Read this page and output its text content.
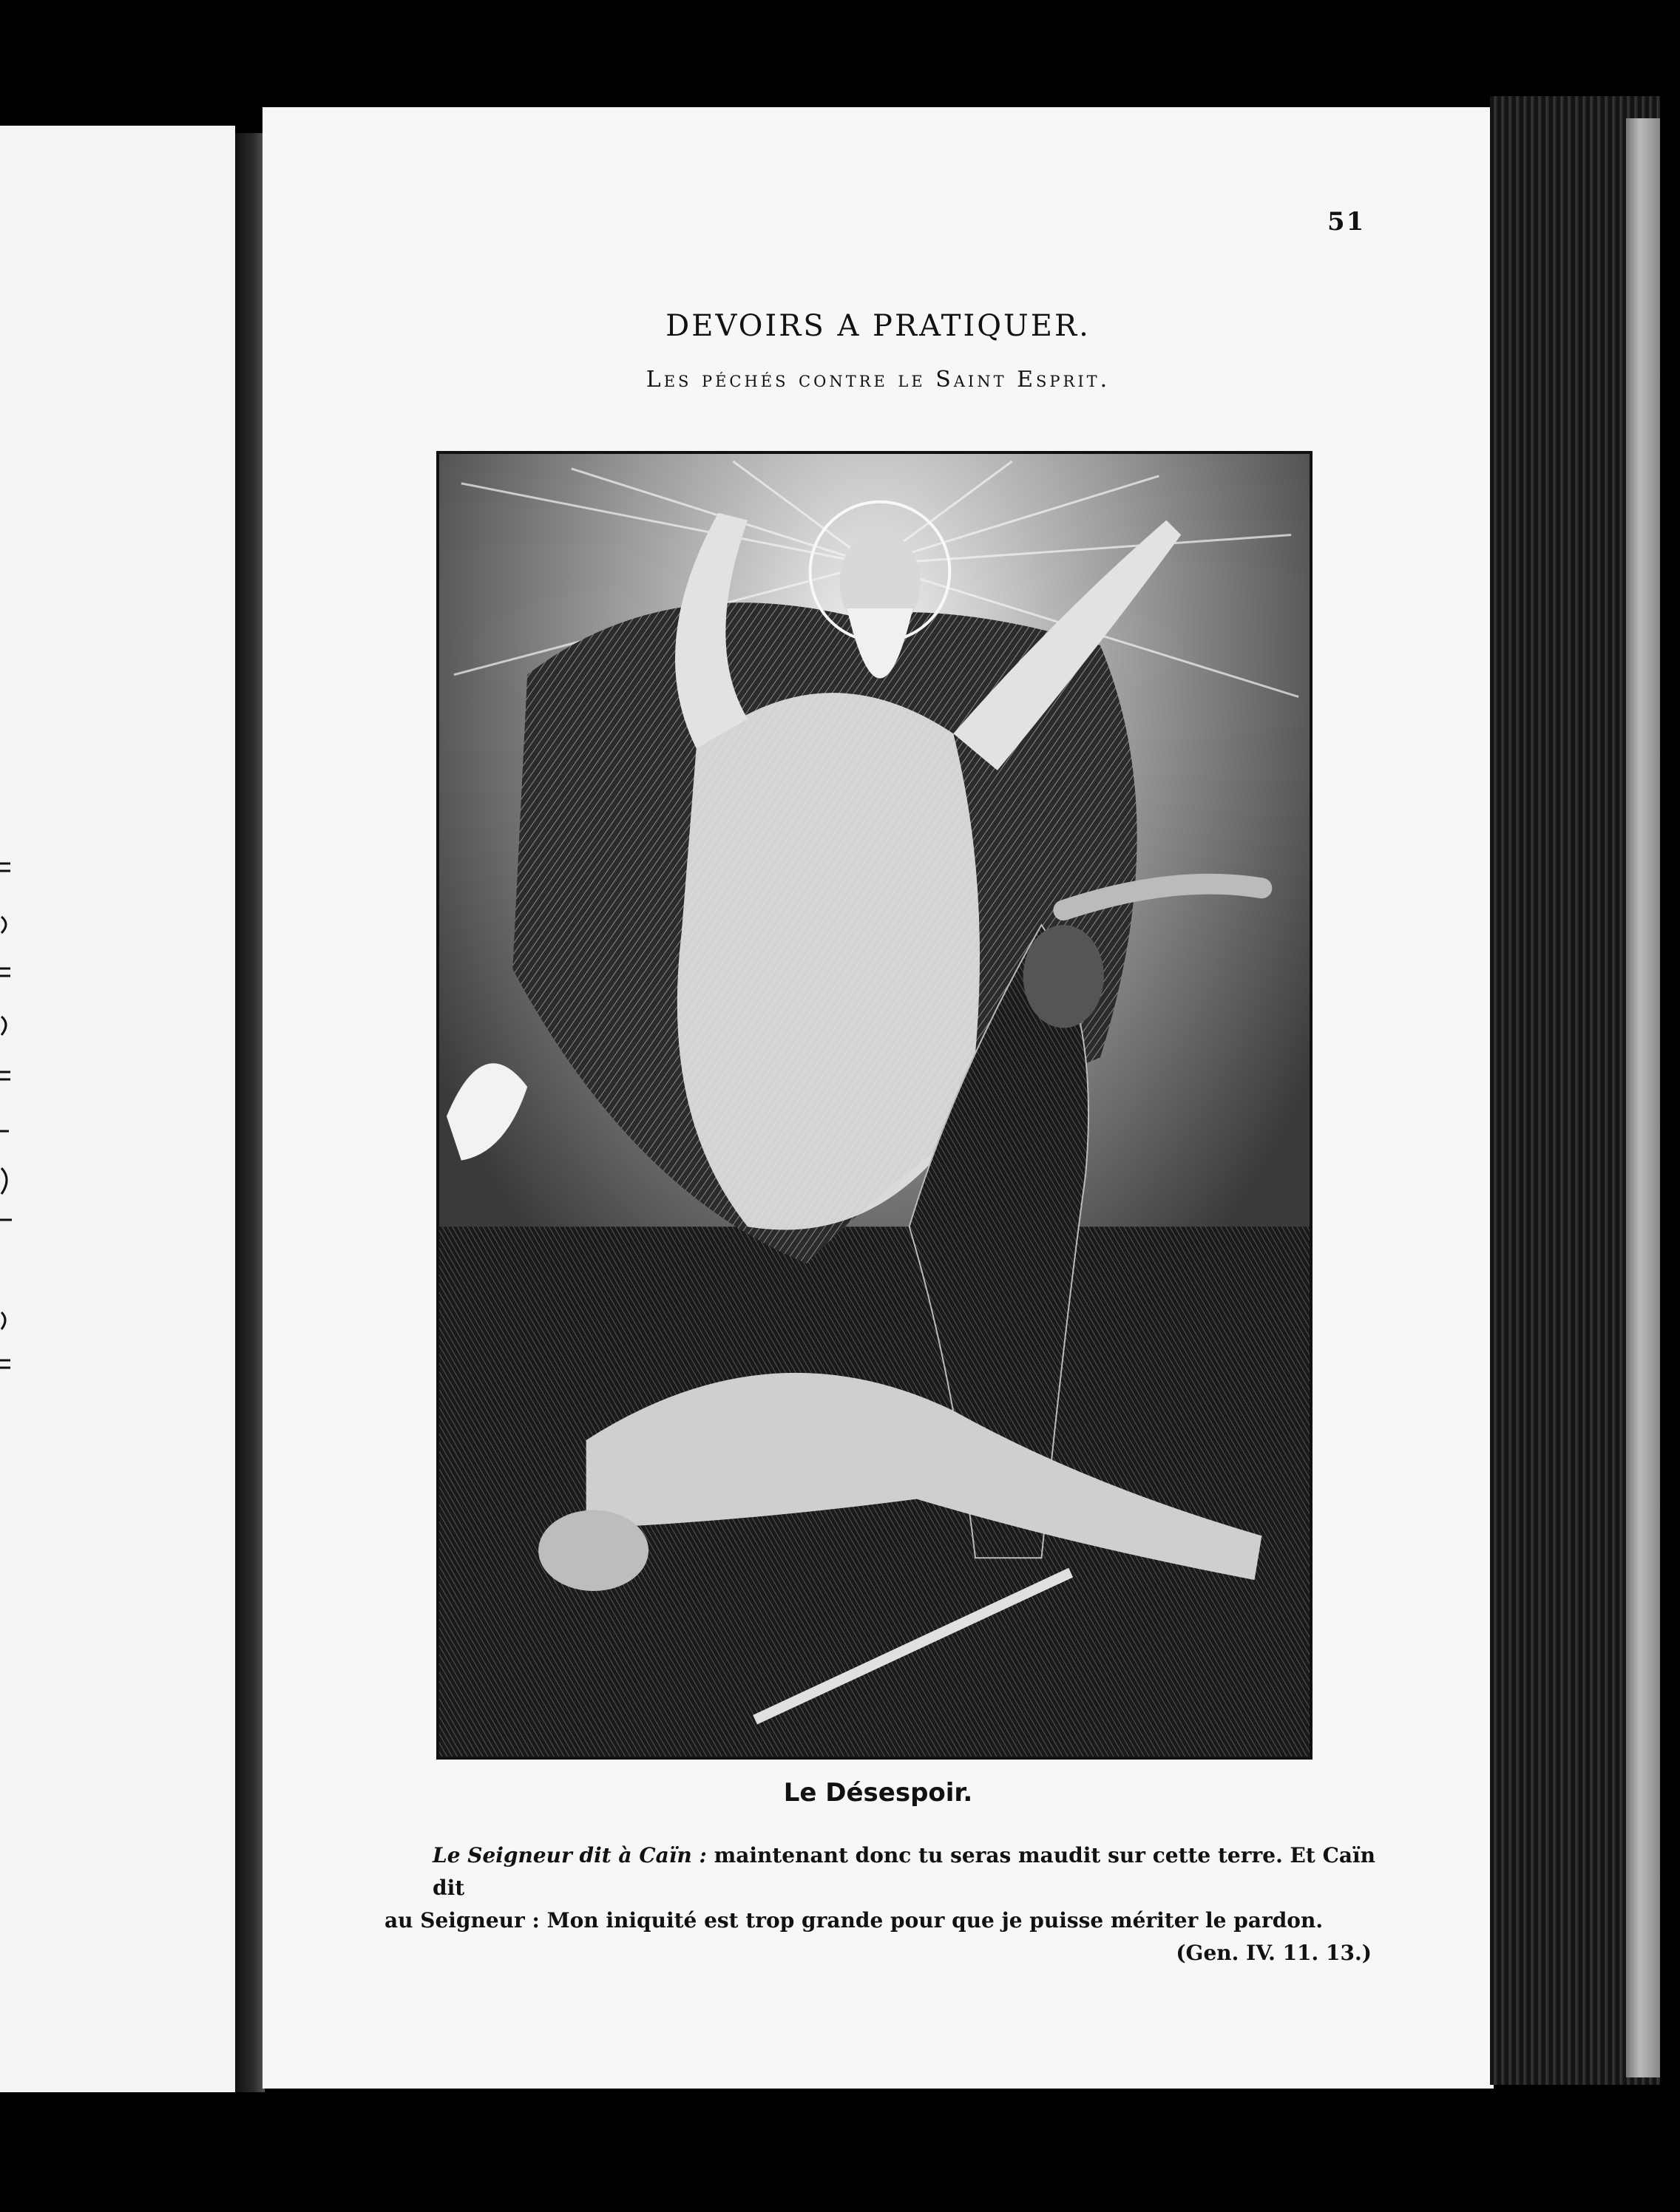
51
DEVOIRS A PRATIQUER.
Les péchés contre le Saint Esprit.
Le Désespoir.
Le Seigneur dit à Caïn : maintenant donc tu seras maudit sur cette terre. Et Caïn dit
au Seigneur : Mon iniquité est trop grande pour que je puisse mériter le pardon.
(Gen. IV. 11. 13.)
